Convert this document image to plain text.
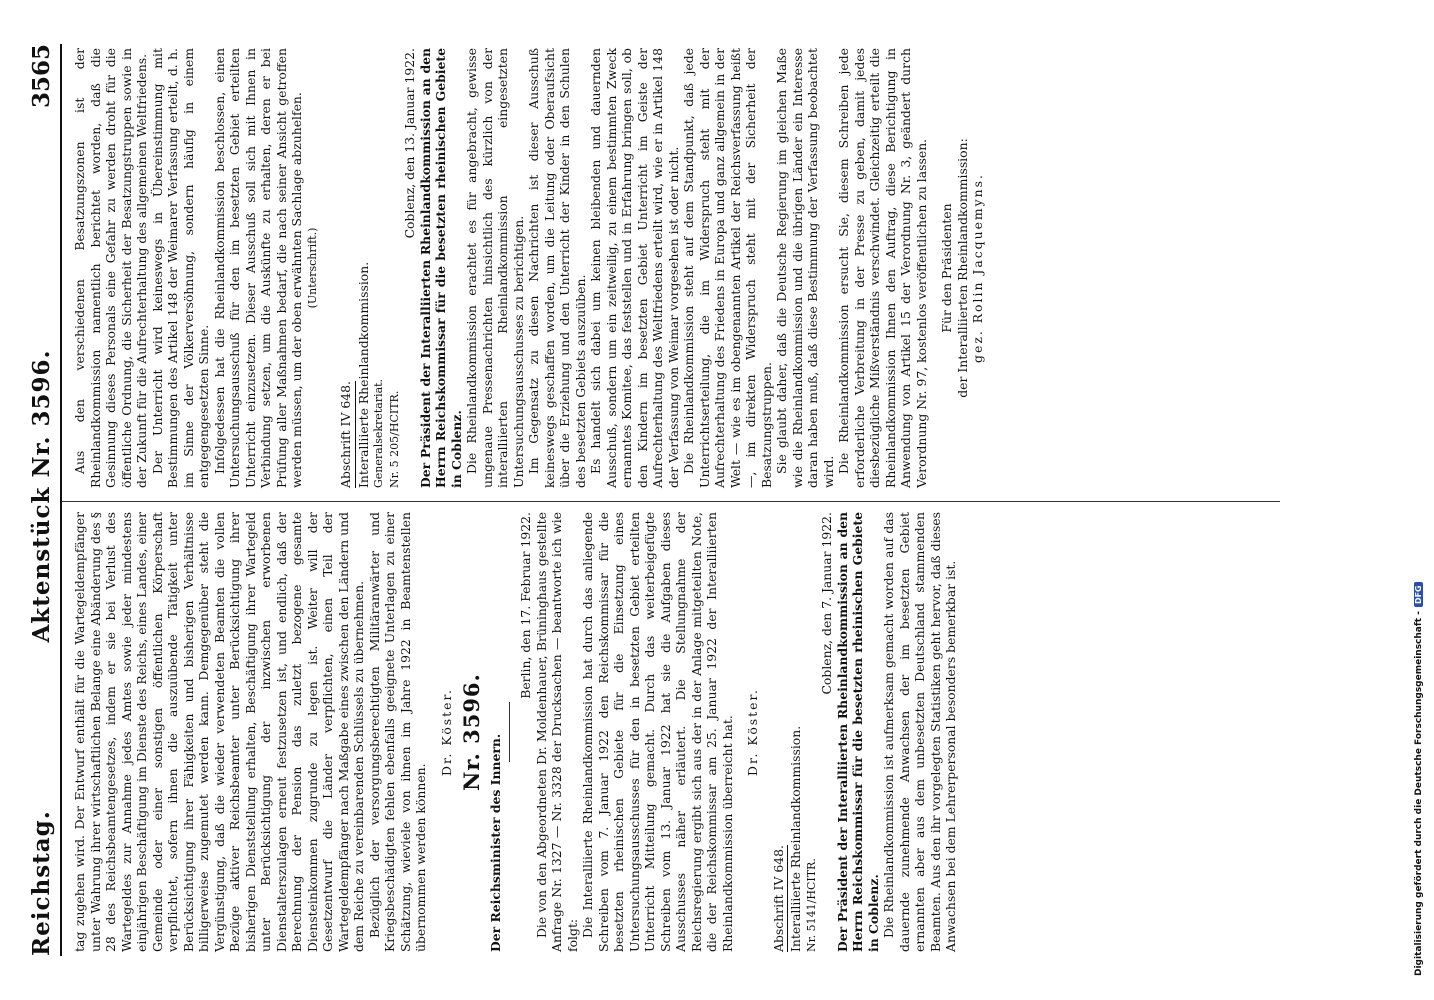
Reichstag.
Aktenstück Nr. 3596.
3565

tag zugehen wird. Der Entwurf enthält für die Wartegeldempfänger unter Wahrung ihrer wirtschaftlichen Belange eine Abänderung des § 28 des Reichsbeamtengesetzes, indem er sie bei Verlust des Wartegeldes zur Annahme jedes Amtes sowie jeder mindestens einjährigen Beschäftigung im Dienste des Reichs, eines Landes, einer Gemeinde oder einer sonstigen öffentlichen Körperschaft verpflichtet, sofern ihnen die auszuübende Tätigkeit unter Berücksichtigung ihrer Fähigkeiten und bisherigen Verhältnisse billigerweise zugemutet werden kann. Demgegenüber steht die Vergünstigung, daß die wieder verwendeten Beamten die vollen Bezüge aktiver Reichsbeamter unter Berücksichtigung ihrer bisherigen Dienststellung erhalten, Beschäftigung ihrer Wartegeld unter Berücksichtigung der inzwischen erworbenen Dienstalterszulagen erneut festzusetzen ist, und endlich, daß der Berechnung der Pension das zuletzt bezogene gesamte Diensteinkommen zugrunde zu legen ist. Weiter will der Gesetzentwurf die Länder verpflichten, einen Teil der Wartegeldempfänger nach Maßgabe eines zwischen den Ländern und dem Reiche zu vereinbarenden Schlüssels zu übernehmen. Bezüglich der versorgungsberechtigten Militäranwärter und Kriegsbeschädigten fehlen ebenfalls geeignete Unterlagen zu einer Schätzung, wieviele von ihnen im Jahre 1922 in Beamtenstellen übernommen werden können.

Dr. Köster. Nr. 3596.

Der Reichsminister des Innern.

Berlin, den 17. Februar 1922. Die von den Abgeordneten Dr. Moldenhauer, Brüninghaus gestellte Anfrage Nr. 1327 — Nr. 3328 der Drucksachen — beantworte ich wie folgt: Die Interalliierte Rheinlandkommission hat durch das anliegende Schreiben vom 7. Januar 1922 den Reichskommissar für die besetzten rheinischen Gebiete für die Einsetzung eines Untersuchungsausschusses für den in besetzten Gebiet erteilten Unterricht Mitteilung gemacht. Durch das weiterbeigefügte Schreiben vom 13. Januar 1922 hat sie die Aufgaben dieses Ausschusses näher erläutert. Die Stellungnahme der Reichsregierung ergibt sich aus der in der Anlage mitgeteilten Note, die der Reichskommissar am 25. Januar 1922 der Interalliierten Rheinlandkommission überreicht hat. Dr. Köster.

Abschrift IV 648. Interalliierte Rheinlandkommission. Nr. 5141/HCITR.

Coblenz, den 7. Januar 1922. Der Präsident der Interalliierten Rheinlandkommission an den Herrn Reichskommissar für die besetzten rheinischen Gebiete in Coblenz. Die Rheinlandkommission ist aufmerksam gemacht worden auf das dauernde zunehmende Anwachsen der im besetzten Gebiet ernannten aber aus dem unbesetzten Deutschland stammenden Beamten. Aus den ihr vorgelegten Statistiken geht hervor, daß dieses Anwachsen bei dem Lehrerpersonal besonders bemerkbar ist.

Aus den verschiedenen Besatzungszonen ist der Rheinlandkommission namentlich berichtet worden, daß die Gesinnung dieses Personals eine Gefahr zu werden droht für die öffentliche Ordnung, die Sicherheit der Besatzungstruppen sowie in der Zukunft für die Aufrechterhaltung des allgemeinen Weltfriedens. Der Unterricht wird keineswegs in Übereinstimmung mit Bestimmungen des Artikel 148 der Weimarer Verfassung erteilt, d. h. im Sinne der Völkerversöhnung, sondern häufig in einem entgegengesetzten Sinne. Infolgedessen hat die Rheinlandkommission beschlossen, einen Untersuchungsausschuß für den im besetzten Gebiet erteilten Unterricht einzusetzen. Dieser Ausschuß soll sich mit Ihnen in Verbindung setzen, um die Auskünfte zu erhalten, deren er bei Prüfung aller Maßnahmen bedarf, die nach seiner Ansicht getroffen werden müssen, um der oben erwähnten Sachlage abzuhelfen. (Unterschrift.)

Abschrift IV 648. Interalliierte Rheinlandkommission. Generalsekretariat. Nr. 5 205/HCITR.

Coblenz, den 13. Januar 1922. Der Präsident der Interalliierten Rheinlandkommission an den Herrn Reichskommissar für die besetzten rheinischen Gebiete in Coblenz. Die Rheinlandkommission erachtet es für angebracht, gewisse ungenaue Pressenachrichten hinsichtlich des kürzlich von der interalliierten Rheinlandkommission eingesetzten Untersuchungsausschusses zu berichtigen. Im Gegensatz zu diesen Nachrichten ist dieser Ausschuß keineswegs geschaffen worden, um die Leitung oder Oberaufsicht über die Erziehung und den Unterricht der Kinder in den Schulen des besetzten Gebiets auszuüben. Es handelt sich dabei um keinen bleibenden und dauernden Ausschuß, sondern um ein zeitweilig, zu einem bestimmten Zweck ernanntes Komitee, das feststellen und in Erfahrung bringen soll, ob den Kindern im besetzten Gebiet Unterricht im Geiste der Aufrechterhaltung des Weltfriedens erteilt wird, wie er in Artikel 148 der Verfassung von Weimar vorgesehen ist oder nicht. Die Rheinlandkommission steht auf dem Standpunkt, daß jede Unterrichtserteilung, die im Widerspruch steht mit der Aufrechterhaltung des Friedens in Europa und ganz allgemein in der Welt — wie es im obengenannten Artikel der Reichsverfassung heißt —, im direkten Widerspruch steht mit der Sicherheit der Besatzungstruppen. Sie glaubt daher, daß die Deutsche Regierung im gleichen Maße wie die Rheinlandkommission und die übrigen Länder ein Interesse daran haben muß, daß diese Bestimmung der Verfassung beobachtet wird. Die Rheinlandkommission ersucht Sie, diesem Schreiben jede erforderliche Verbreitung in der Presse zu geben, damit jedes diesbezügliche Mißverständnis verschwindet. Gleichzeitig erteilt die Rheinlandkommission Ihnen den Auftrag, diese Berichtigung in Anwendung von Artikel 15 der Verordnung Nr. 3, geändert durch Verordnung Nr. 97, kostenlos veröffentlichen zu lassen. Für den Präsidenten der Interalliierten Rheinlandkommission: gez. Rolin Jacquemyns.

Digitalisierung gefördert durch die Deutsche Forschungsgemeinschaft -DFG
